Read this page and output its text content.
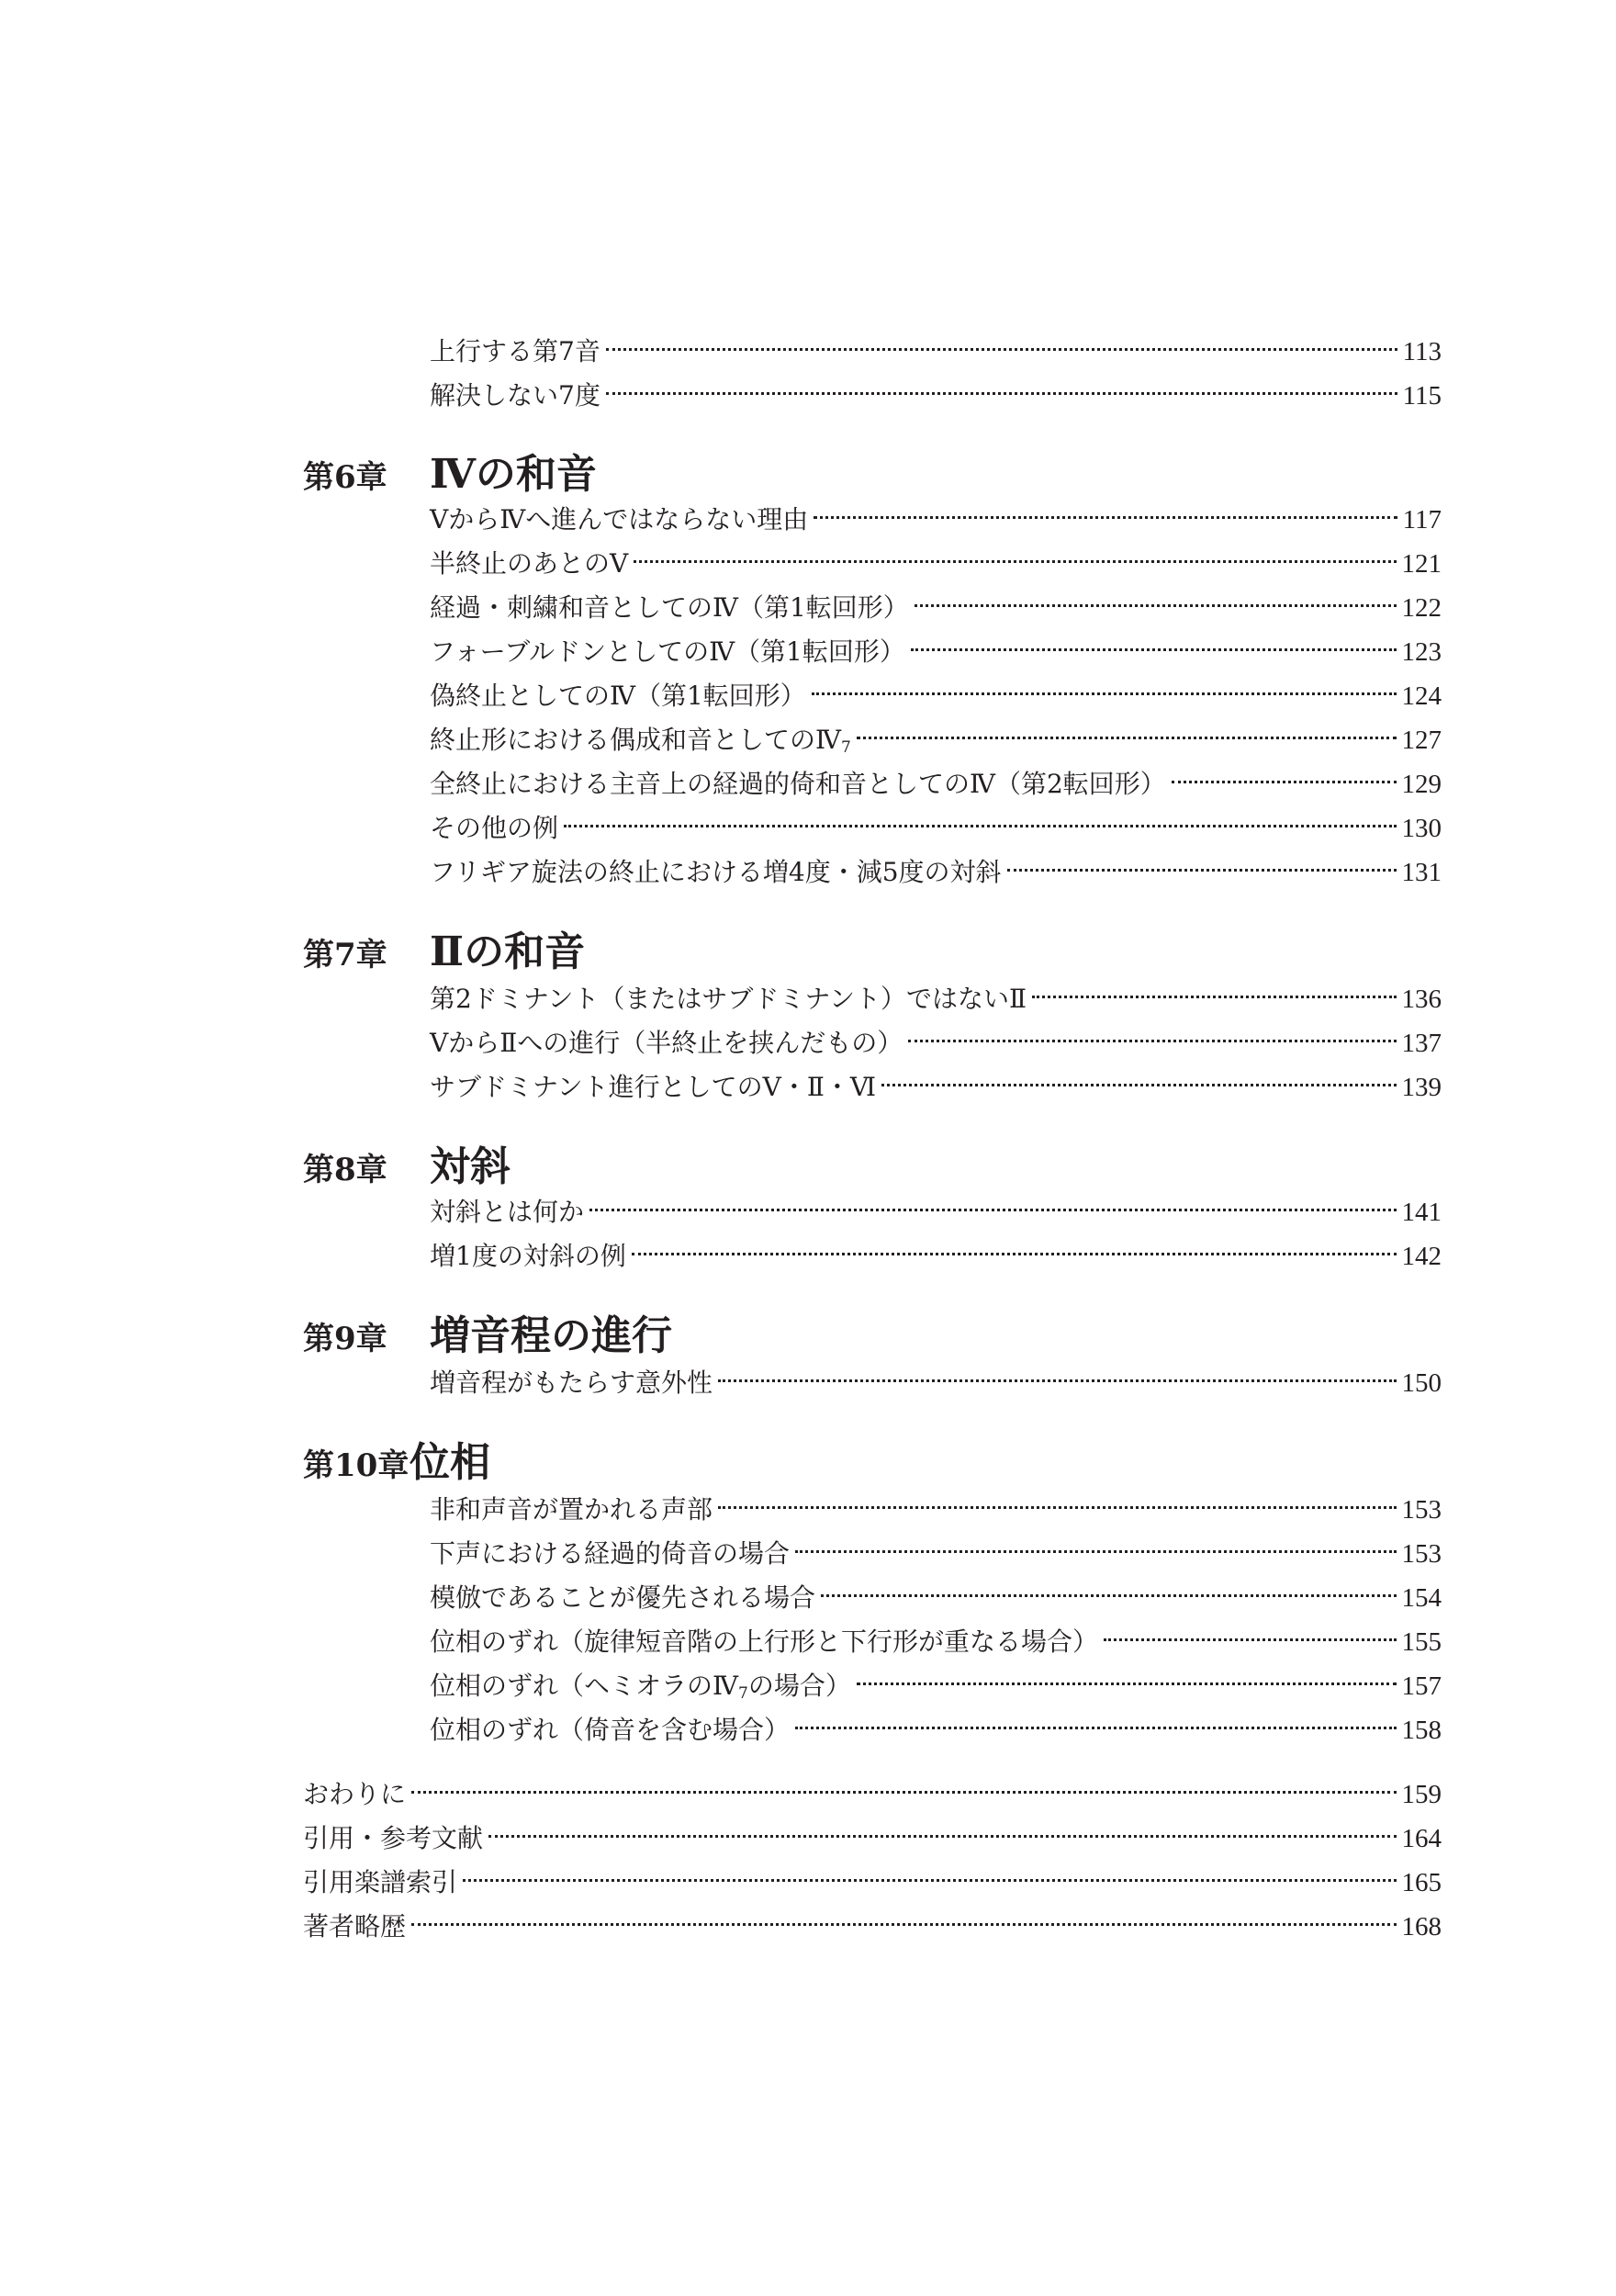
上行する第7音	113
解決しない7度	115
第6章	Ⅳの和音
ⅤからⅣへ進んではならない理由	117
半終止のあとのⅤ	121
経過・刺繍和音としてのⅣ（第1転回形）	122
フォーブルドンとしてのⅣ（第1転回形）	123
偽終止としてのⅣ（第1転回形）	124
終止形における偶成和音としての$Ⅳ_7$	127
全終止における主音上の経過的倚和音としてのⅣ（第2転回形）	129
その他の例	130
フリギア旋法の終止における増4度・減5度の対斜	131
第7章	Ⅱの和音
第2ドミナント（またはサブドミナント）ではないⅡ	136
ⅤからⅡへの進行（半終止を挟んだもの）	137
サブドミナント進行としてのⅤ・Ⅱ・Ⅵ	139
第8章	対斜
対斜とは何か	141
増1度の対斜の例	142
第9章	増音程の進行
増音程がもたらす意外性	150
第10章 位相
非和声音が置かれる声部	153
下声における経過的倚音の場合	153
模倣であることが優先される場合	154
位相のずれ（旋律短音階の上行形と下行形が重なる場合）	155
位相のずれ（ヘミオラの$Ⅳ_7$の場合）	157
位相のずれ（倚音を含む場合）	158
おわりに	159
引用・参考文献	164
引用楽譜索引	165
著者略歴	168
